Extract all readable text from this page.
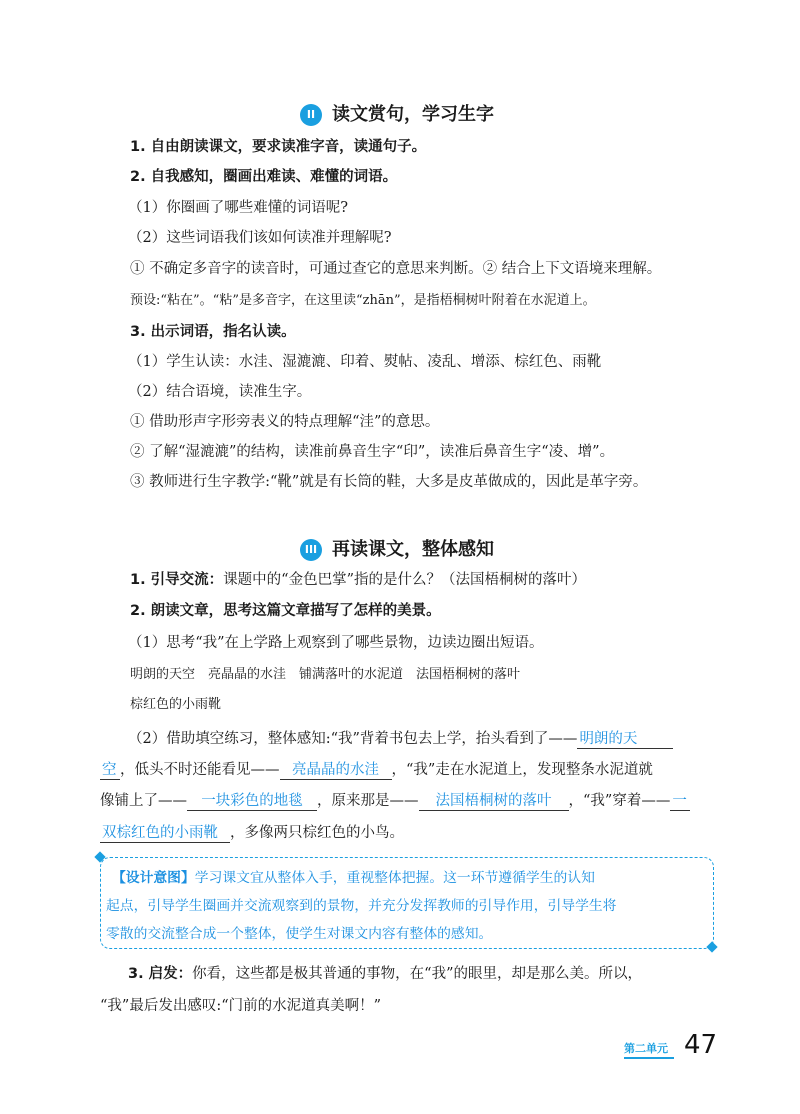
II 读文赏句，学习生字
1. 自由朗读课文，要求读准字音，读通句子。
2. 自我感知，圈画出难读、难懂的词语。
（1）你圈画了哪些难懂的词语呢?
（2）这些词语我们该如何读准并理解呢?
① 不确定多音字的读音时，可通过查它的意思来判断。② 结合上下文语境来理解。
预设:“粘在”。“粘”是多音字，在这里读“zhān”，是指梧桐树叶附着在水泥道上。
3. 出示词语，指名认读。
（1）学生认读：水洼、湿漉漉、印着、熨帖、凌乱、增添、棕红色、雨靴
（2）结合语境，读准生字。
① 借助形声字形旁表义的特点理解“洼”的意思。
② 了解“湿漉漉”的结构，读准前鼻音生字“印”，读准后鼻音生字“凌、增”。
③ 教师进行生字教学:“靴”就是有长筒的鞋，大多是皮革做成的，因此是革字旁。
III 再读课文，整体感知
1. 引导交流：课题中的“金色巴掌”指的是什么？（法国梧桐树的落叶）
2. 朗读文章，思考这篇文章描写了怎样的美景。
（1）思考“我”在上学路上观察到了哪些景物，边读边圈出短语。
明朗的天空　亮晶晶的水洼　铺满落叶的水泥道　法国梧桐树的落叶
棕红色的小雨靴
（2）借助填空练习，整体感知:“我”背着书包去上学，抬头看到了—— 明朗的天
空 ，低头不时还能看见—— 亮晶晶的水洼 ，“我”走在水泥道上，发现整条水泥道就
像铺上了—— 一块彩色的地毯 ，原来那是—— 法国梧桐树的落叶 ，“我”穿着—— 一
双棕红色的小雨靴 ，多像两只棕红色的小鸟。
【设计意图】学习课文宜从整体入手，重视整体把握。这一环节遵循学生的认知
起点，引导学生圈画并交流观察到的景物，并充分发挥教师的引导作用，引导学生将
零散的交流整合成一个整体，使学生对课文内容有整体的感知。
3. 启发：你看，这些都是极其普通的事物，在“我”的眼里，却是那么美。所以，
“我”最后发出感叹:“门前的水泥道真美啊！”
第二单元 47
